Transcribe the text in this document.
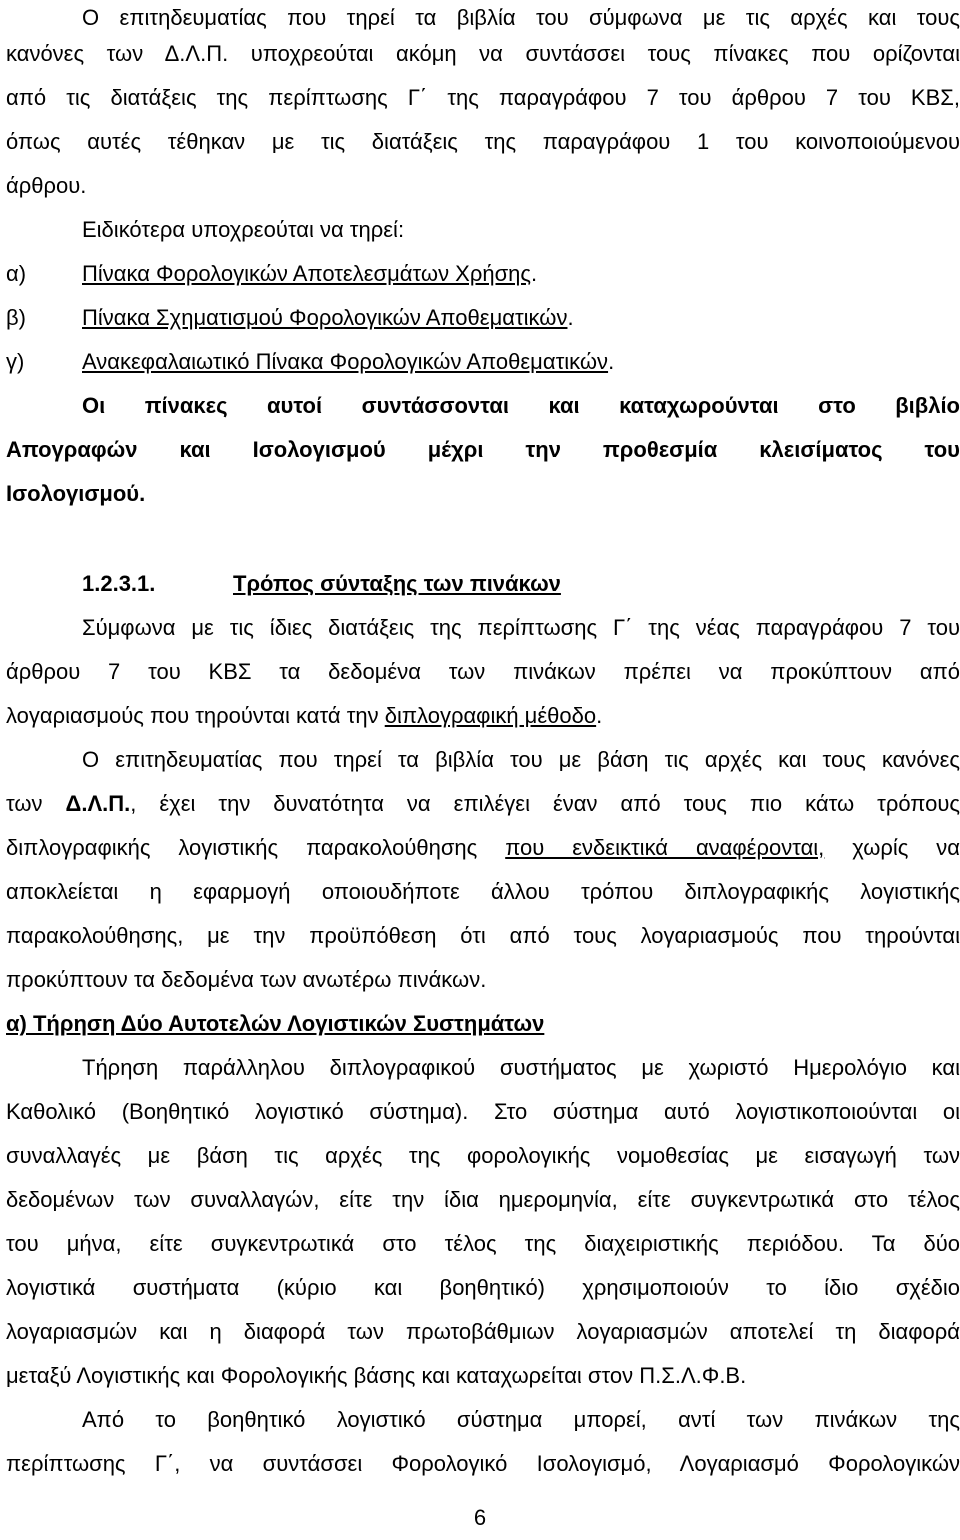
Ο επιτηδευματίας που τηρεί τα βιβλία του σύμφωνα με τις αρχές και τους
κανόνες των Δ.Λ.Π. υποχρεούται ακόμη να συντάσσει τους πίνακες που ορίζονται
από τις διατάξεις της περίπτωσης Γ΄ της παραγράφου 7 του άρθρου 7 του ΚΒΣ,
όπως αυτές τέθηκαν με τις διατάξεις της παραγράφου 1 του κοινοποιούμενου
άρθρου.
Ειδικότερα υποχρεούται να τηρεί:
α)	Πίνακα Φορολογικών Αποτελεσμάτων Χρήσης.
β)	Πίνακα Σχηματισμού Φορολογικών Αποθεματικών.
γ)	Ανακεφαλαιωτικό Πίνακα Φορολογικών Αποθεματικών.
Οι πίνακες αυτοί συντάσσονται και καταχωρούνται στο βιβλίο
Απογραφών και Ισολογισμού μέχρι την προθεσμία κλεισίματος του
Ισολογισμού.
1.2.3.1.	Τρόπος σύνταξης των πινάκων
Σύμφωνα με τις ίδιες διατάξεις της περίπτωσης Γ΄ της νέας παραγράφου 7 του
άρθρου 7 του ΚΒΣ τα δεδομένα των πινάκων πρέπει να προκύπτουν από
λογαριασμούς που τηρούνται κατά την διπλογραφική μέθοδο.
Ο επιτηδευματίας που τηρεί τα βιβλία του με βάση τις αρχές και τους κανόνες
των Δ.Λ.Π., έχει την δυνατότητα να επιλέγει έναν από τους πιο κάτω τρόπους
διπλογραφικής λογιστικής παρακολούθησης που ενδεικτικά αναφέρονται, χωρίς να
αποκλείεται η εφαρμογή οποιουδήποτε άλλου τρόπου διπλογραφικής λογιστικής
παρακολούθησης, με την προϋπόθεση ότι από τους λογαριασμούς που τηρούνται
προκύπτουν τα δεδομένα των ανωτέρω πινάκων.
α) Τήρηση Δύο Αυτοτελών Λογιστικών Συστημάτων
Τήρηση παράλληλου διπλογραφικού συστήματος με χωριστό Ημερολόγιο και
Καθολικό (Βοηθητικό λογιστικό σύστημα). Στο σύστημα αυτό λογιστικοποιούνται οι
συναλλαγές με βάση τις αρχές της φορολογικής νομοθεσίας με εισαγωγή των
δεδομένων των συναλλαγών, είτε την ίδια ημερομηνία, είτε συγκεντρωτικά στο τέλος
του μήνα, είτε συγκεντρωτικά στο τέλος της διαχειριστικής περιόδου. Τα δύο
λογιστικά συστήματα (κύριο και βοηθητικό) χρησιμοποιούν το ίδιο σχέδιο
λογαριασμών και η διαφορά των πρωτοβάθμιων λογαριασμών αποτελεί τη διαφορά
μεταξύ Λογιστικής και Φορολογικής βάσης και καταχωρείται στον Π.Σ.Λ.Φ.Β.
Από το βοηθητικό λογιστικό σύστημα μπορεί, αντί των πινάκων της
περίπτωσης Γ΄, να συντάσσει Φορολογικό Ισολογισμό, Λογαριασμό Φορολογικών
6
